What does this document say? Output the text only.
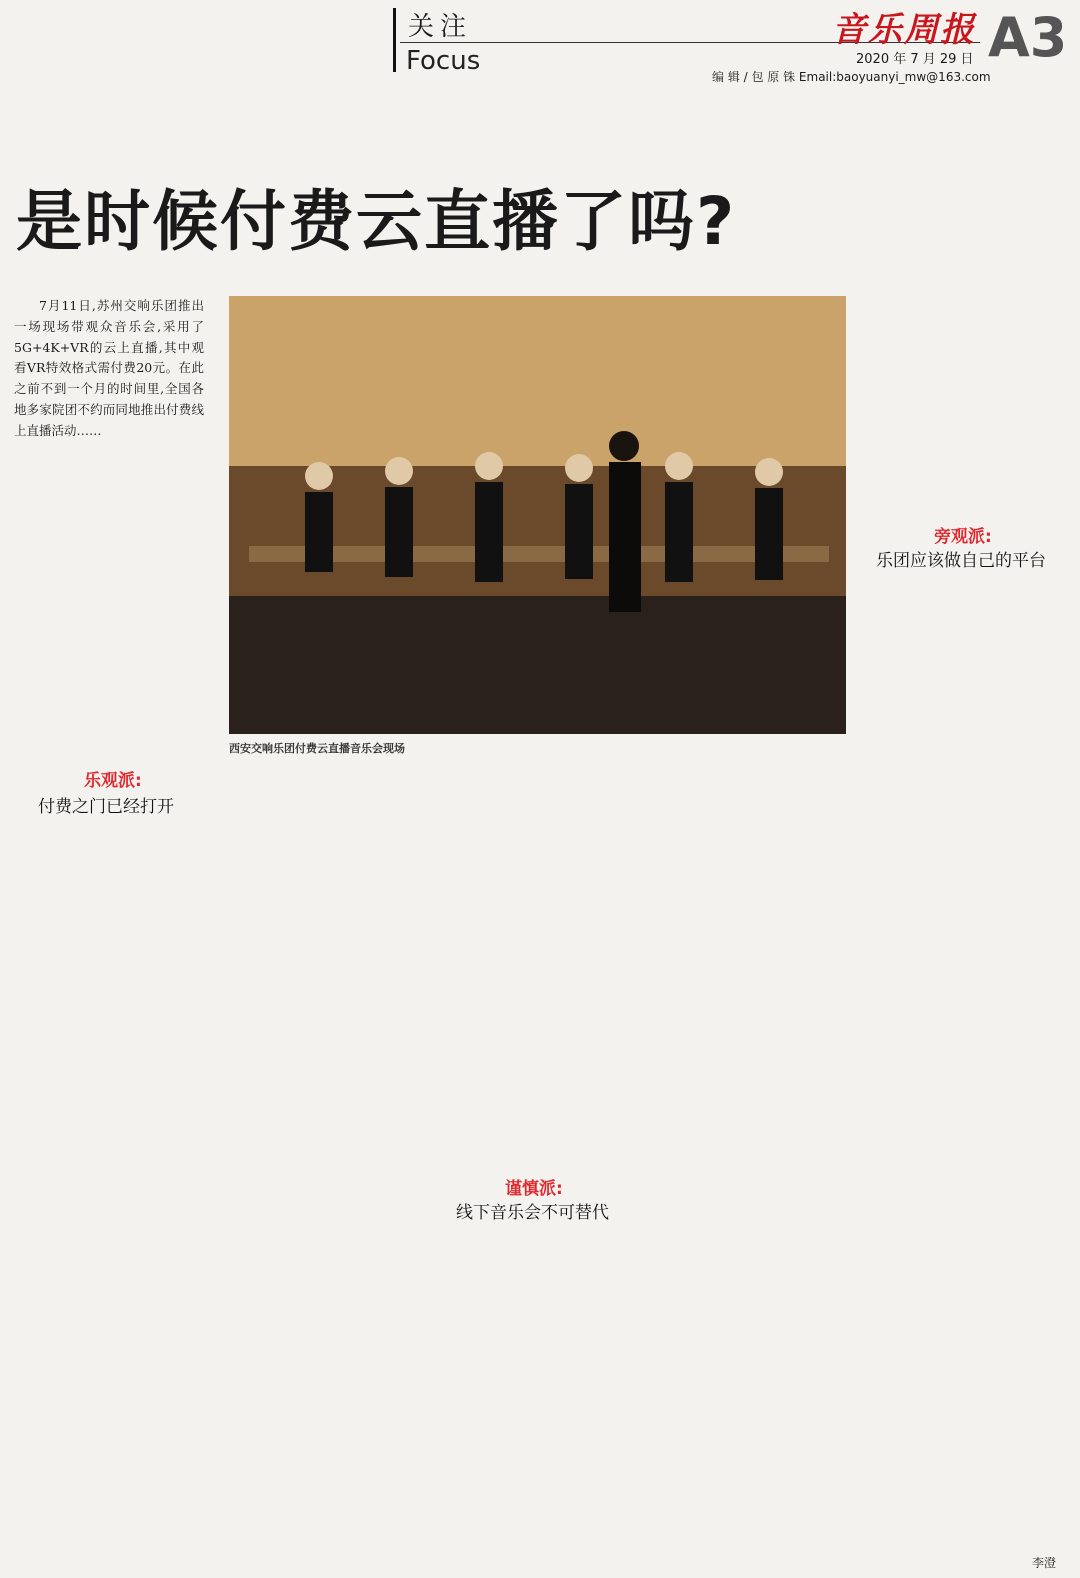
关注
Focus
音乐周报 A3
2020 年 7 月 29 日
编 辑 / 包 原 铢 Email:baoyuanyi_mw@163.com
是时候付费云直播了吗?

7月11日,苏州交响乐团推出一场现场带观众音乐会,采用了5G+4K+VR的云上直播,其中观看VR特效格式需付费20元。在此之前不到一个月的时间里,全国各地多家院团不约而同地推出付费线上直播活动……

西安交响乐团付费云直播音乐会现场

乐观派:
付费之门已经打开
谨慎派:
线下音乐会不可替代
旁观派:
乐团应该做自己的平台
李澄
